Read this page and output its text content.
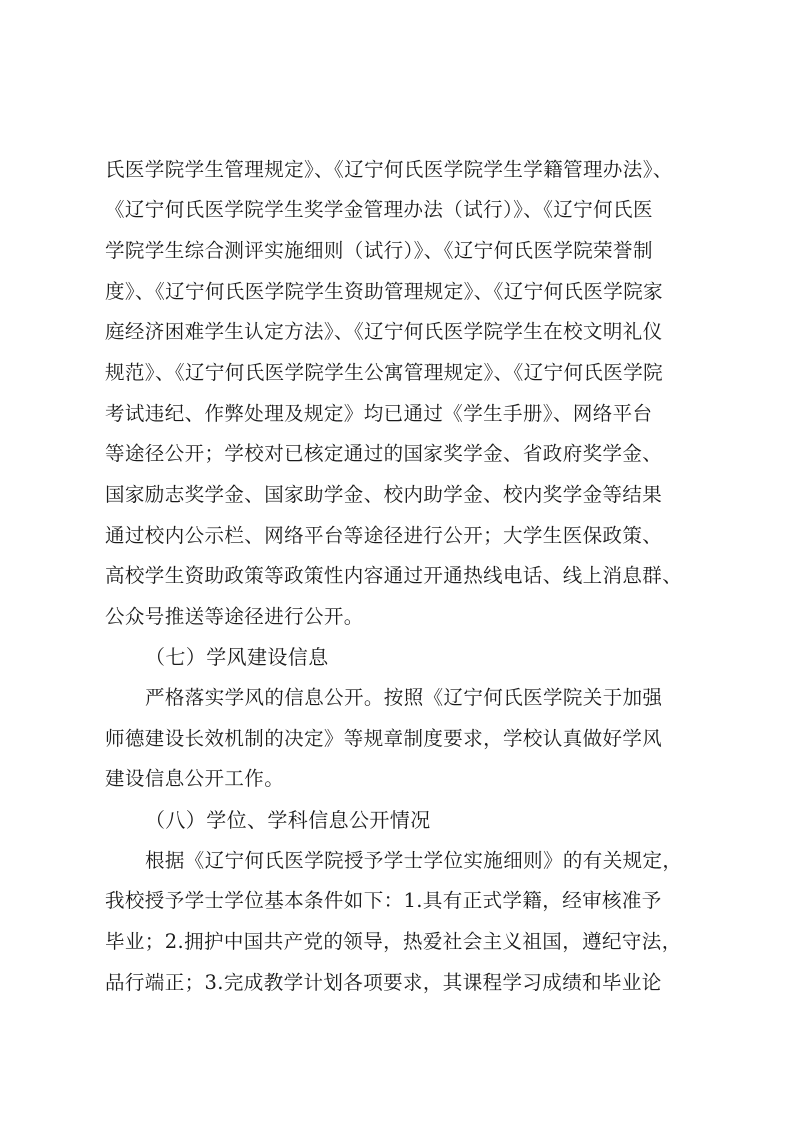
氏医学院学生管理规定》、《辽宁何氏医学院学生学籍管理办法》、
《辽宁何氏医学院学生奖学金管理办法（试行）》、《辽宁何氏医
学院学生综合测评实施细则（试行）》、《辽宁何氏医学院荣誉制
度》、《辽宁何氏医学院学生资助管理规定》、《辽宁何氏医学院家
庭经济困难学生认定方法》、《辽宁何氏医学院学生在校文明礼仪
规范》、《辽宁何氏医学院学生公寓管理规定》、《辽宁何氏医学院
考试违纪、作弊处理及规定》均已通过《学生手册》、网络平台
等途径公开；学校对已核定通过的国家奖学金、省政府奖学金、
国家励志奖学金、国家助学金、校内助学金、校内奖学金等结果
通过校内公示栏、网络平台等途径进行公开；大学生医保政策、
高校学生资助政策等政策性内容通过开通热线电话、线上消息群、
公众号推送等途径进行公开。
（七）学风建设信息
严格落实学风的信息公开。按照《辽宁何氏医学院关于加强
师德建设长效机制的决定》等规章制度要求，学校认真做好学风
建设信息公开工作。
（八）学位、学科信息公开情况
根据《辽宁何氏医学院授予学士学位实施细则》的有关规定，
我校授予学士学位基本条件如下：1.具有正式学籍，经审核准予
毕业；2.拥护中国共产党的领导，热爱社会主义祖国，遵纪守法，
品行端正；3.完成教学计划各项要求，其课程学习成绩和毕业论
